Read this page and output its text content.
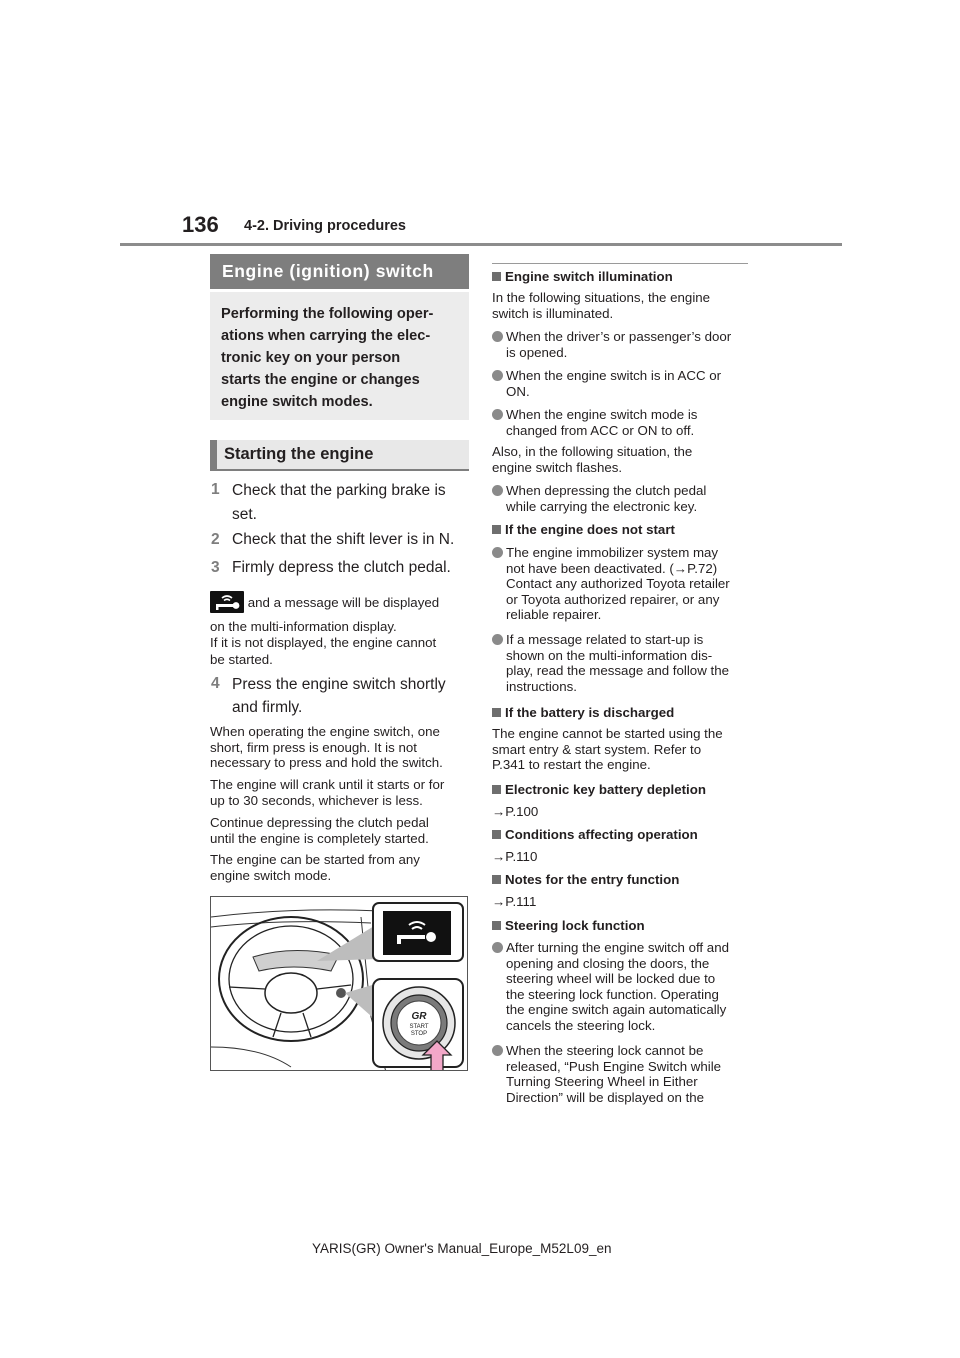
136 4-2. Driving procedures
Engine (ignition) switch
Performing the following oper-
ations when carrying the elec-
tronic key on your person
starts the engine or changes
engine switch modes.
Starting the engine
1 Check that the parking brake is
set.
2 Check that the shift lever is in N.
3 Firmly depress the clutch pedal.
and a message will be displayed
on the multi-information display.
If it is not displayed, the engine cannot
be started.
4 Press the engine switch shortly
and firmly.
When operating the engine switch, one
short, firm press is enough. It is not
necessary to press and hold the switch.
The engine will crank until it starts or for
up to 30 seconds, whichever is less.
Continue depressing the clutch pedal
until the engine is completely started.
The engine can be started from any
engine switch mode.
GR
START
STOP
Engine switch illumination
In the following situations, the engine
switch is illuminated.
When the driver’s or passenger’s door
is opened.
When the engine switch is in ACC or
ON.
When the engine switch mode is
changed from ACC or ON to off.
Also, in the following situation, the
engine switch flashes.
When depressing the clutch pedal
while carrying the electronic key.
If the engine does not start
The engine immobilizer system may
not have been deactivated. (→P.72)
Contact any authorized Toyota retailer
or Toyota authorized repairer, or any
reliable repairer.
If a message related to start-up is
shown on the multi-information dis-
play, read the message and follow the
instructions.
If the battery is discharged
The engine cannot be started using the
smart entry & start system. Refer to
P.341 to restart the engine.
Electronic key battery depletion
→P.100
Conditions affecting operation
→P.110
Notes for the entry function
→P.111
Steering lock function
After turning the engine switch off and
opening and closing the doors, the
steering wheel will be locked due to
the steering lock function. Operating
the engine switch again automatically
cancels the steering lock.
When the steering lock cannot be
released, “Push Engine Switch while
Turning Steering Wheel in Either
Direction” will be displayed on the
YARIS(GR) Owner's Manual_Europe_M52L09_en
